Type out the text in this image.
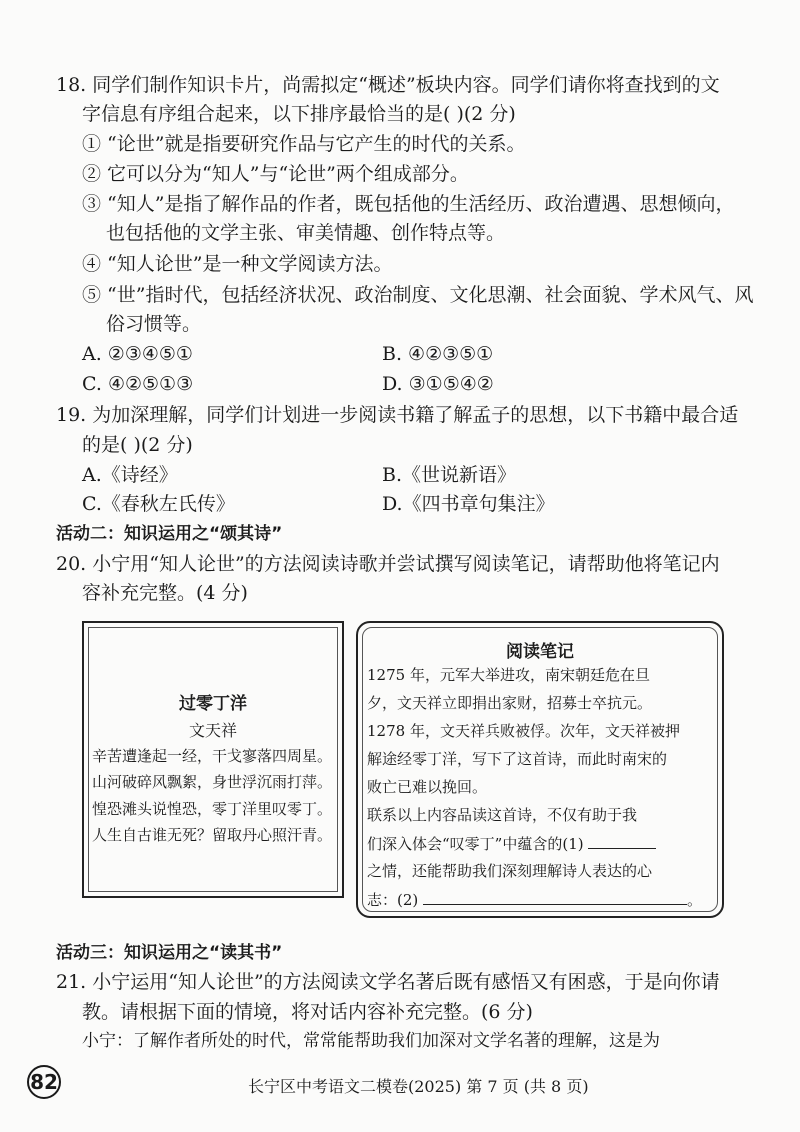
18. 同学们制作知识卡片，尚需拟定“概述”板块内容。同学们请你将查找到的文
字信息有序组合起来，以下排序最恰当的是( )(2 分)
① “论世”就是指要研究作品与它产生的时代的关系。
② 它可以分为“知人”与“论世”两个组成部分。
③ “知人”是指了解作品的作者，既包括他的生活经历、政治遭遇、思想倾向，
也包括他的文学主张、审美情趣、创作特点等。
④ “知人论世”是一种文学阅读方法。
⑤ “世”指时代，包括经济状况、政治制度、文化思潮、社会面貌、学术风气、风
俗习惯等。
A. ②③④⑤①	B. ④②③⑤①
C. ④②⑤①③	D. ③①⑤④②
19. 为加深理解，同学们计划进一步阅读书籍了解孟子的思想，以下书籍中最合适
的是( )(2 分)
A.《诗经》	B.《世说新语》
C.《春秋左氏传》	D.《四书章句集注》
活动二：知识运用之“颂其诗”
20. 小宁用“知人论世”的方法阅读诗歌并尝试撰写阅读笔记，请帮助他将笔记内
容补充完整。(4 分)
过零丁洋
文天祥
辛苦遭逢起一经，干戈寥落四周星。
山河破碎风飘絮，身世浮沉雨打萍。
惶恐滩头说惶恐，零丁洋里叹零丁。
人生自古谁无死？留取丹心照汗青。
阅读笔记
1275 年，元军大举进攻，南宋朝廷危在旦
夕，文天祥立即捐出家财，招募士卒抗元。
1278 年，文天祥兵败被俘。次年，文天祥被押
解途经零丁洋，写下了这首诗，而此时南宋的
败亡已难以挽回。
联系以上内容品读这首诗，不仅有助于我
们深入体会“叹零丁”中蕴含的(1)
之情，还能帮助我们深刻理解诗人表达的心
志：(2)	。
活动三：知识运用之“读其书”
21. 小宁运用“知人论世”的方法阅读文学名著后既有感悟又有困惑，于是向你请
教。请根据下面的情境，将对话内容补充完整。(6 分)
小宁：了解作者所处的时代，常常能帮助我们加深对文学名著的理解，这是为
82	长宁区中考语文二模卷(2025) 第 7 页 (共 8 页)
